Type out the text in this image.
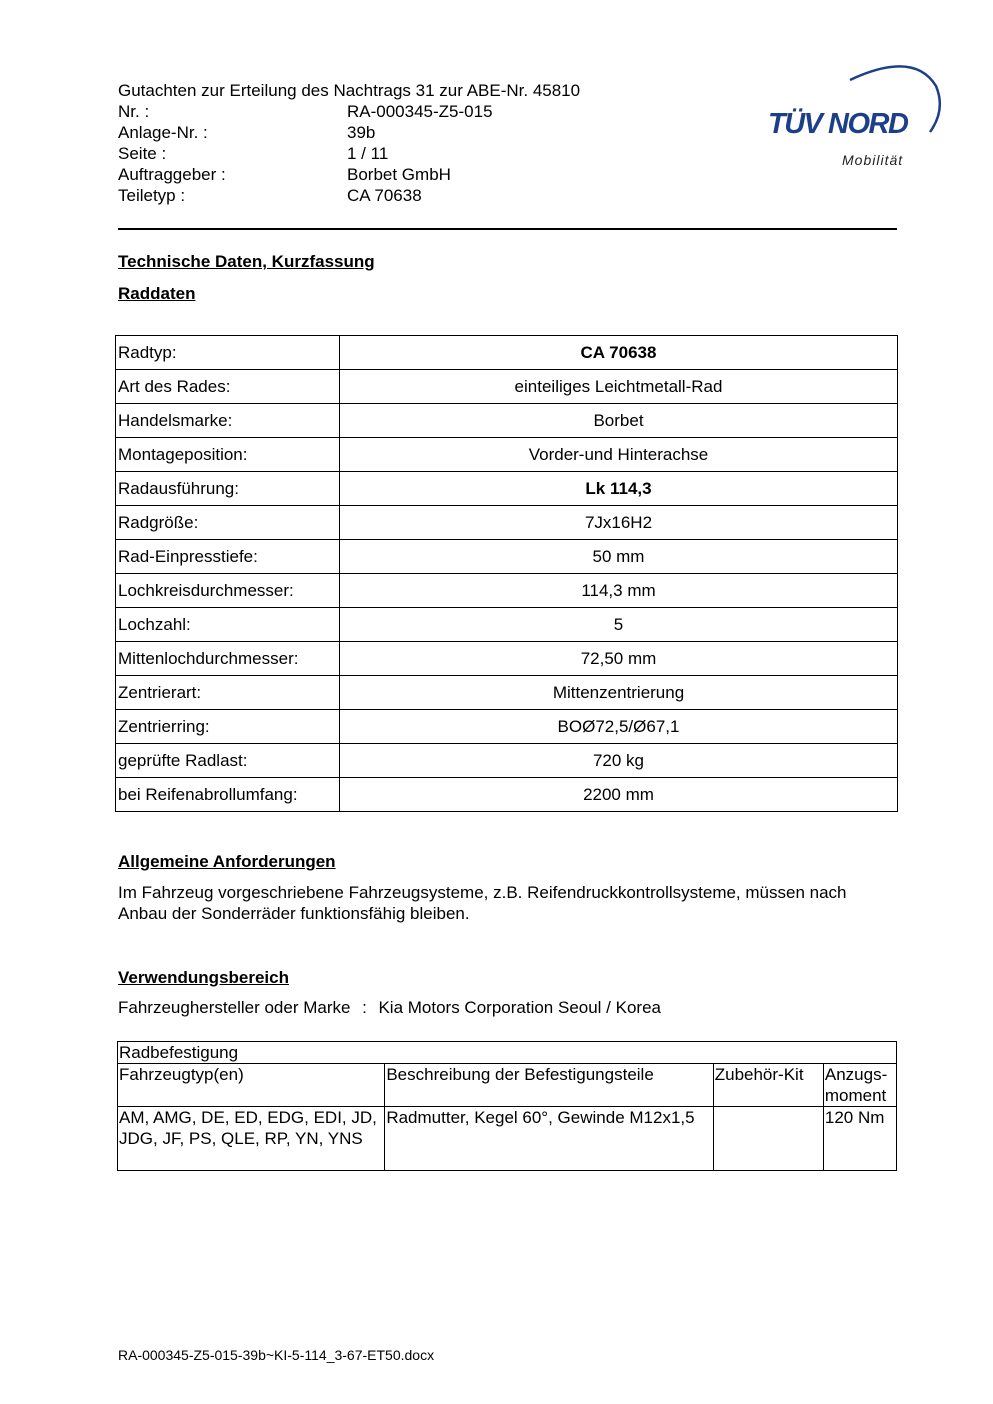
Gutachten zur Erteilung des Nachtrags 31 zur ABE-Nr. 45810
Nr. :	RA-000345-Z5-015
Anlage-Nr. :	39b
Seite :	1 / 11
Auftraggeber :	Borbet GmbH
Teiletyp :	CA 70638
TÜV NORD
Mobilität
Technische Daten, Kurzfassung
Raddaten
Radtyp:	CA 70638
Art des Rades:	einteiliges Leichtmetall-Rad
Handelsmarke:	Borbet
Montageposition:	Vorder-und Hinterachse
Radausführung:	Lk 114,3
Radgröße:	7Jx16H2
Rad-Einpresstiefe:	50 mm
Lochkreisdurchmesser:	114,3 mm
Lochzahl:	5
Mittenlochdurchmesser:	72,50 mm
Zentrierart:	Mittenzentrierung
Zentrierring:	BOØ72,5/Ø67,1
geprüfte Radlast:	720 kg
bei Reifenabrollumfang:	2200 mm
Allgemeine Anforderungen
Im Fahrzeug vorgeschriebene Fahrzeugsysteme, z.B. Reifendruckkontrollsysteme, müssen nach Anbau der Sonderräder funktionsfähig bleiben.
Verwendungsbereich
Fahrzeughersteller oder Marke : Kia Motors Corporation Seoul / Korea
Radbefestigung			
Fahrzeugtyp(en)	Beschreibung der Befestigungsteile	Zubehör-Kit	Anzugs-moment
AM, AMG, DE, ED, EDG, EDI, JD, JDG, JF, PS, QLE, RP, YN, YNS	Radmutter, Kegel 60°, Gewinde M12x1,5		120 Nm
RA-000345-Z5-015-39b~KI-5-114_3-67-ET50.docx
